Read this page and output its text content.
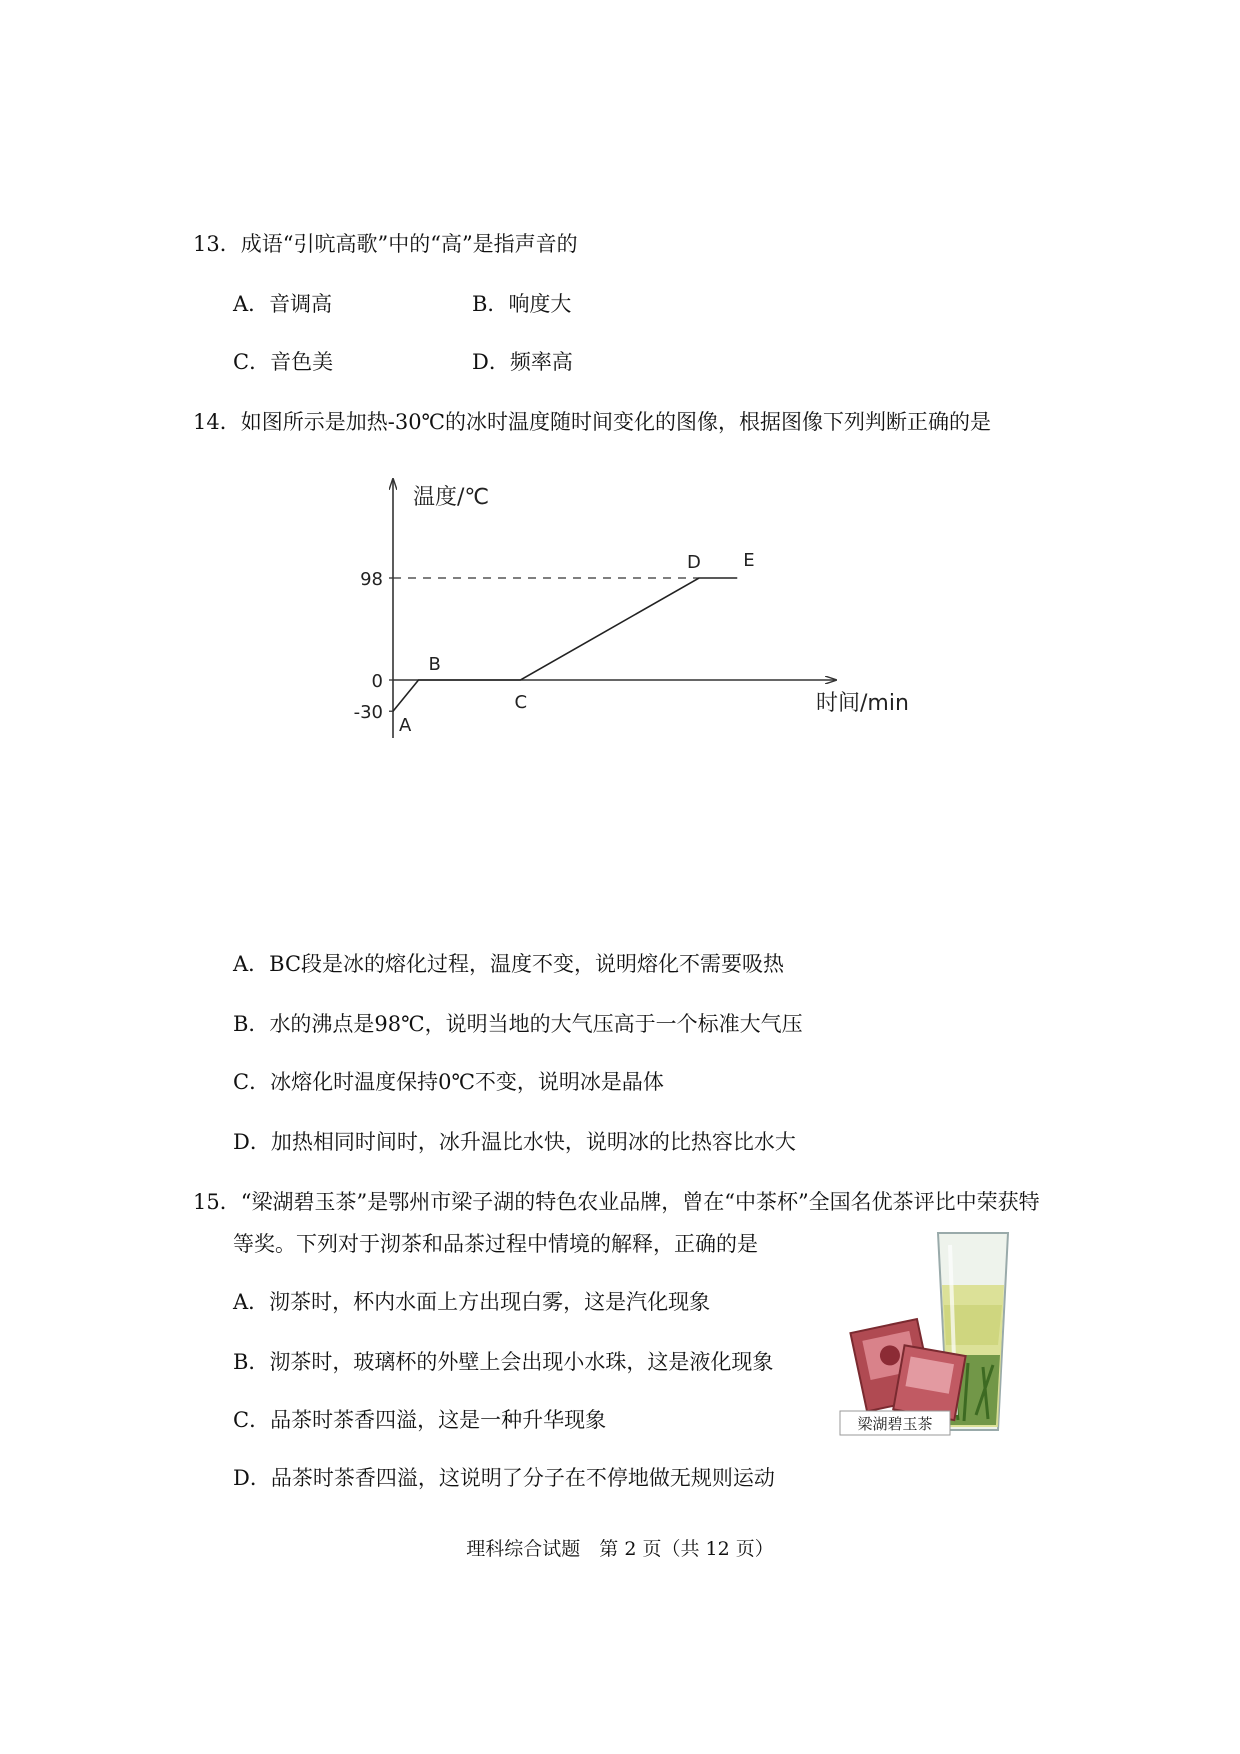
13．成语“引吭高歌”中的“高”是指声音的
A．音调高	B．响度大
C．音色美	D．频率高
14．如图所示是加热-30℃的冰时温度随时间变化的图像，根据图像下列判断正确的是
温度/℃
时间/min
98
0
-30
A
B
C
D E
A．BC段是冰的熔化过程，温度不变，说明熔化不需要吸热
B．水的沸点是98℃，说明当地的大气压高于一个标准大气压
C．冰熔化时温度保持0℃不变，说明冰是晶体
D．加热相同时间时，冰升温比水快，说明冰的比热容比水大
15．“梁湖碧玉茶”是鄂州市梁子湖的特色农业品牌，曾在“中茶杯”全国名优茶评比中荣获特
等奖。下列对于沏茶和品茶过程中情境的解释，正确的是
A．沏茶时，杯内水面上方出现白雾，这是汽化现象
B．沏茶时，玻璃杯的外壁上会出现小水珠，这是液化现象
C．品茶时茶香四溢，这是一种升华现象
D．品茶时茶香四溢，这说明了分子在不停地做无规则运动
梁湖碧玉茶
理科综合试题　第 2 页（共 12 页）
